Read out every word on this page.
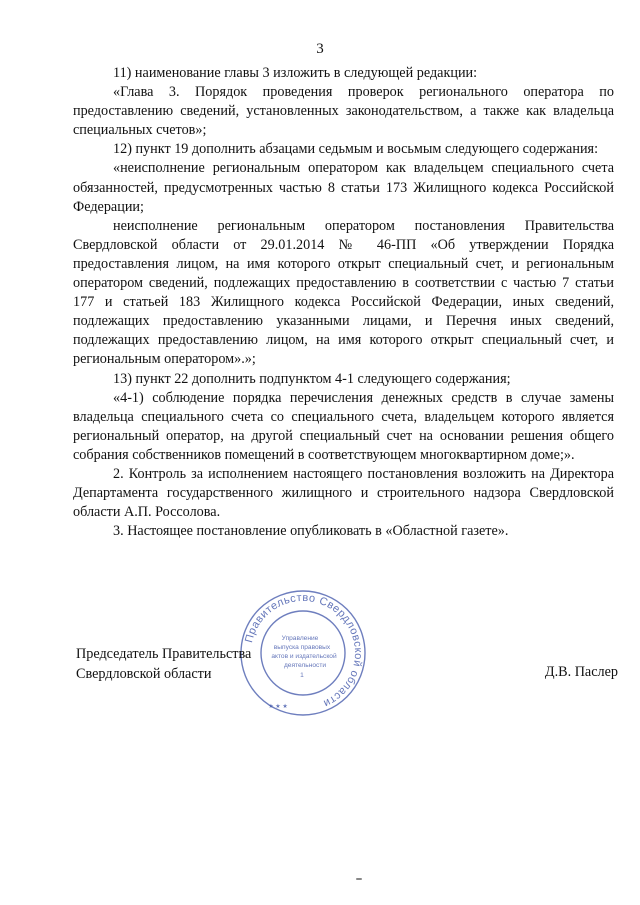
3

11) наименование главы 3 изложить в следующей редакции:

«Глава 3. Порядок проведения проверок регионального оператора по предоставлению сведений, установленных законодательством, а также как владельца специальных счетов»;

12) пункт 19 дополнить абзацами седьмым и восьмым следующего содержания:

«неисполнение региональным оператором как владельцем специального счета обязанностей, предусмотренных частью 8 статьи 173 Жилищного кодекса Российской Федерации;

неисполнение региональным оператором постановления Правительства Свердловской области от 29.01.2014 № 46-ПП «Об утверждении Порядка предоставления лицом, на имя которого открыт специальный счет, и региональным оператором сведений, подлежащих предоставлению в соответствии с частью 7 статьи 177 и статьей 183 Жилищного кодекса Российской Федерации, иных сведений, подлежащих предоставлению указанными лицами, и Перечня иных сведений, подлежащих предоставлению лицом, на имя которого открыт специальный счет, и региональным оператором».»;

13) пункт 22 дополнить подпунктом 4-1 следующего содержания;

«4-1) соблюдение порядка перечисления денежных средств в случае замены владельца специального счета со специального счета, владельцем которого является региональный оператор, на другой специальный счет на основании решения общего собрания собственников помещений в соответствующем многоквартирном доме;».

2. Контроль за исполнением настоящего постановления возложить на Директора Департамента государственного жилищного и строительного надзора Свердловской области А.П. Россолова.

3. Настоящее постановление опубликовать в «Областной газете».

Правительство Свердловской области
Управление
выпуска правовых
актов и издательской
деятельности
1
★ ★ ★
Председатель Правительства
Свердловской области	Д.В. Паслер
